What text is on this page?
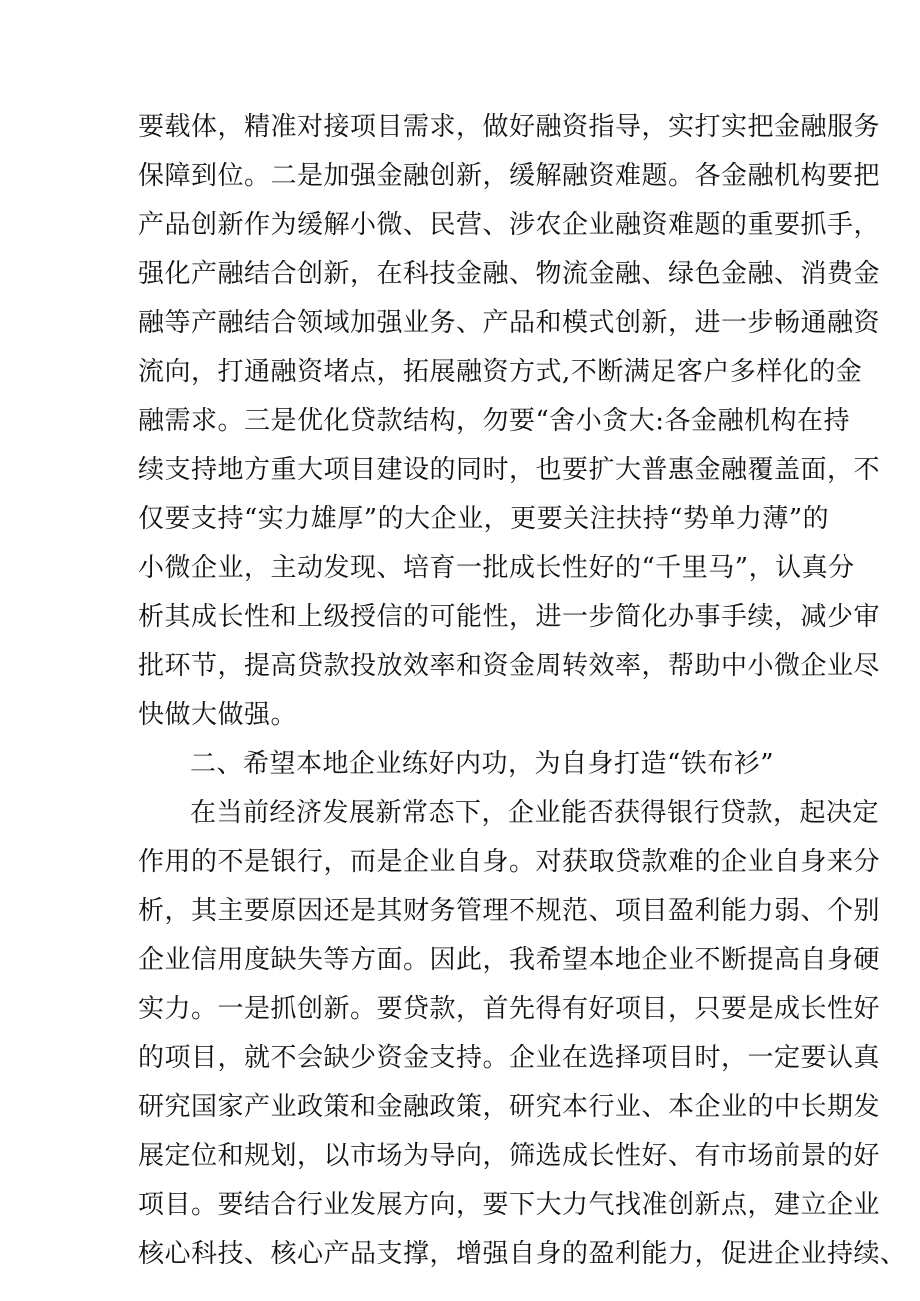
要载体，精准对接项目需求，做好融资指导，实打实把金融服务
保障到位。二是加强金融创新，缓解融资难题。各金融机构要把
产品创新作为缓解小微、民营、涉农企业融资难题的重要抓手，
强化产融结合创新，在科技金融、物流金融、绿色金融、消费金
融等产融结合领域加强业务、产品和模式创新，进一步畅通融资
流向，打通融资堵点，拓展融资方式,不断满足客户多样化的金
融需求。三是优化贷款结构，勿要“舍小贪大:各金融机构在持
续支持地方重大项目建设的同时，也要扩大普惠金融覆盖面，不
仅要支持“实力雄厚”的大企业，更要关注扶持“势单力薄”的
小微企业，主动发现、培育一批成长性好的“千里马”，认真分
析其成长性和上级授信的可能性，进一步简化办事手续，减少审
批环节，提高贷款投放效率和资金周转效率，帮助中小微企业尽
快做大做强。
二、希望本地企业练好内功，为自身打造“铁布衫”
在当前经济发展新常态下，企业能否获得银行贷款，起决定
作用的不是银行，而是企业自身。对获取贷款难的企业自身来分
析，其主要原因还是其财务管理不规范、项目盈利能力弱、个别
企业信用度缺失等方面。因此，我希望本地企业不断提高自身硬
实力。一是抓创新。要贷款，首先得有好项目，只要是成长性好
的项目，就不会缺少资金支持。企业在选择项目时，一定要认真
研究国家产业政策和金融政策，研究本行业、本企业的中长期发
展定位和规划，以市场为导向，筛选成长性好、有市场前景的好
项目。要结合行业发展方向，要下大力气找准创新点，建立企业
核心科技、核心产品支撑，增强自身的盈利能力，促进企业持续、
